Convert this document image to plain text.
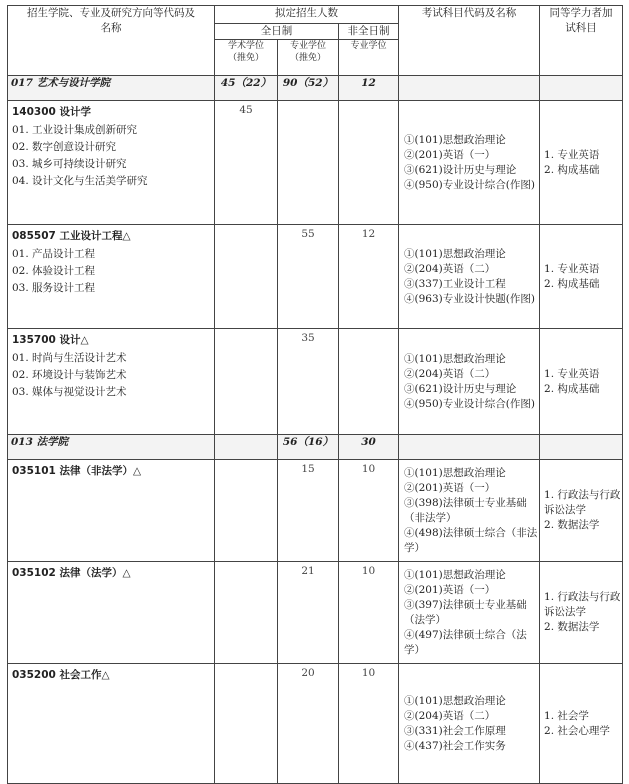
招生学院、专业及研究方向等代码及名称	拟定招生人数			考试科目代码及名称	同等学力者加试科目
	全日制		非全日制		
	学术学位（推免）	专业学位（推免）	专业学位		
017 艺术与设计学院	45（22）	90（52）	12		

140300 设计学
01. 工业设计集成创新研究
02. 数字创意设计研究
03. 城乡可持续设计研究
04. 设计文化与生活美学研究	45			①(101)思想政治理论
②(201)英语（一）
③(621)设计历史与理论
④(950)专业设计综合(作图)	1. 专业英语
2. 构成基础

085507 工业设计工程△
01. 产品设计工程
02. 体验设计工程
03. 服务设计工程		55	12	①(101)思想政治理论
②(204)英语（二）
③(337)工业设计工程
④(963)专业设计快题(作图)	1. 专业英语
2. 构成基础

135700 设计△
01. 时尚与生活设计艺术
02. 环境设计与装饰艺术
03. 媒体与视觉设计艺术		35		①(101)思想政治理论
②(204)英语（二）
③(621)设计历史与理论
④(950)专业设计综合(作图)	1. 专业英语
2. 构成基础

013 法学院		56（16）	30		

035101 法律（非法学）△		15	10	①(101)思想政治理论
②(201)英语（一）
③(398)法律硕士专业基础（非法学）
④(498)法律硕士综合（非法学）	1. 行政法与行政诉讼法学
2. 数据法学

035102 法律（法学）△		21	10	①(101)思想政治理论
②(201)英语（一）
③(397)法律硕士专业基础（法学）
④(497)法律硕士综合（法学）	1. 行政法与行政诉讼法学
2. 数据法学

035200 社会工作△		20	10	①(101)思想政治理论
②(204)英语（二）
③(331)社会工作原理
④(437)社会工作实务	1. 社会学
2. 社会心理学
